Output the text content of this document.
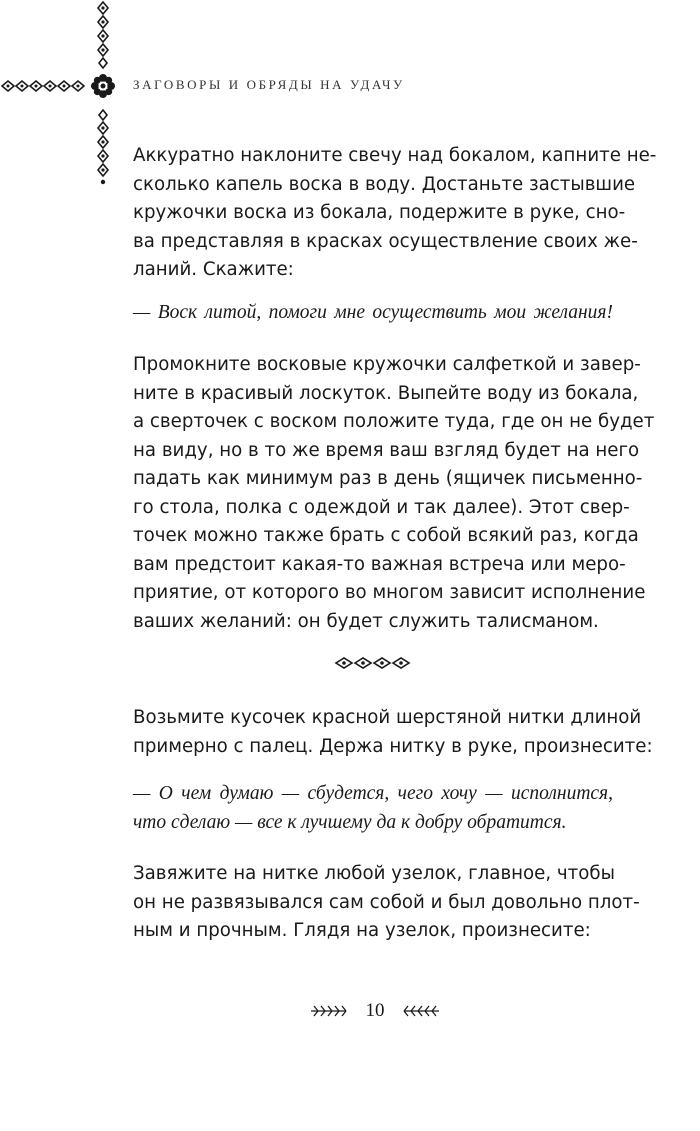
ЗАГОВОРЫ И ОБРЯДЫ НА УДАЧУ

Аккуратно наклоните свечу над бокалом, капните не-
сколько капель воска в воду. Достаньте застывшие
кружочки воска из бокала, подержите в руке, сно-
ва представляя в красках осуществление своих же-
ланий. Скажите:

— Воск литой, помоги мне осуществить мои желания!

Промокните восковые кружочки салфеткой и завер-
ните в красивый лоскуток. Выпейте воду из бокала,
а сверточек с воском положите туда, где он не будет
на виду, но в то же время ваш взгляд будет на него
падать как минимум раз в день (ящичек письменно-
го стола, полка с одеждой и так далее). Этот свер-
точек можно также брать с собой всякий раз, когда
вам предстоит какая-то важная встреча или меро-
приятие, от которого во многом зависит исполнение
ваших желаний: он будет служить талисманом.

Возьмите кусочек красной шерстяной нитки длиной
примерно с палец. Держа нитку в руке, произнесите:

— О чем думаю — сбудется, чего хочу — исполнится,
что сделаю — все к лучшему да к добру обратится.

Завяжите на нитке любой узелок, главное, чтобы
он не развязывался сам собой и был довольно плот-
ным и прочным. Глядя на узелок, произнесите:

10
